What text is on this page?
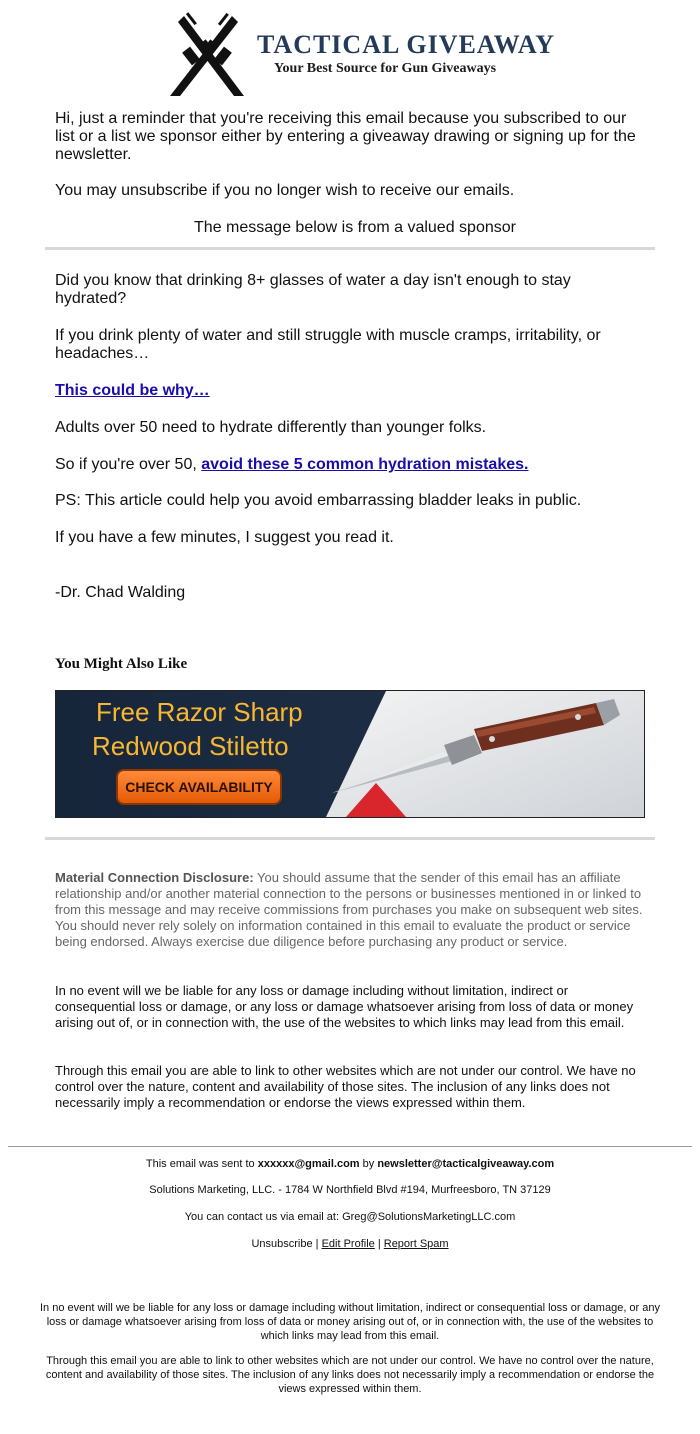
TACTICAL GIVEAWAY
Your Best Source for Gun Giveaways

Hi, just a reminder that you're receiving this email because you subscribed to our list or a list we sponsor either by entering a giveaway drawing or signing up for the newsletter.

You may unsubscribe if you no longer wish to receive our emails.

The message below is from a valued sponsor

Did you know that drinking 8+ glasses of water a day isn't enough to stay hydrated?

If you drink plenty of water and still struggle with muscle cramps, irritability, or headaches…

This could be why…

Adults over 50 need to hydrate differently than younger folks.

So if you're over 50, avoid these 5 common hydration mistakes.

PS: This article could help you avoid embarrassing bladder leaks in public.

If you have a few minutes, I suggest you read it.

-Dr. Chad Walding

You Might Also Like
Free Razor Sharp
Redwood Stiletto
CHECK AVAILABILITY

Material Connection Disclosure: You should assume that the sender of this email has an affiliate relationship and/or another material connection to the persons or businesses mentioned in or linked to from this message and may receive commissions from purchases you make on subsequent web sites. You should never rely solely on information contained in this email to evaluate the product or service being endorsed. Always exercise due diligence before purchasing any product or service.

In no event will we be liable for any loss or damage including without limitation, indirect or consequential loss or damage, or any loss or damage whatsoever arising from loss of data or money arising out of, or in connection with, the use of the websites to which links may lead from this email.

Through this email you are able to link to other websites which are not under our control. We have no control over the nature, content and availability of those sites. The inclusion of any links does not necessarily imply a recommendation or endorse the views expressed within them.

This email was sent to xxxxxx@gmail.com by newsletter@tacticalgiveaway.com

Solutions Marketing, LLC. - 1784 W Northfield Blvd #194, Murfreesboro, TN 37129

You can contact us via email at: Greg@SolutionsMarketingLLC.com

Unsubscribe | Edit Profile | Report Spam

In no event will we be liable for any loss or damage including without limitation, indirect or consequential loss or damage, or any loss or damage whatsoever arising from loss of data or money arising out of, or in connection with, the use of the websites to which links may lead from this email.

Through this email you are able to link to other websites which are not under our control. We have no control over the nature, content and availability of those sites. The inclusion of any links does not necessarily imply a recommendation or endorse the views expressed within them.
